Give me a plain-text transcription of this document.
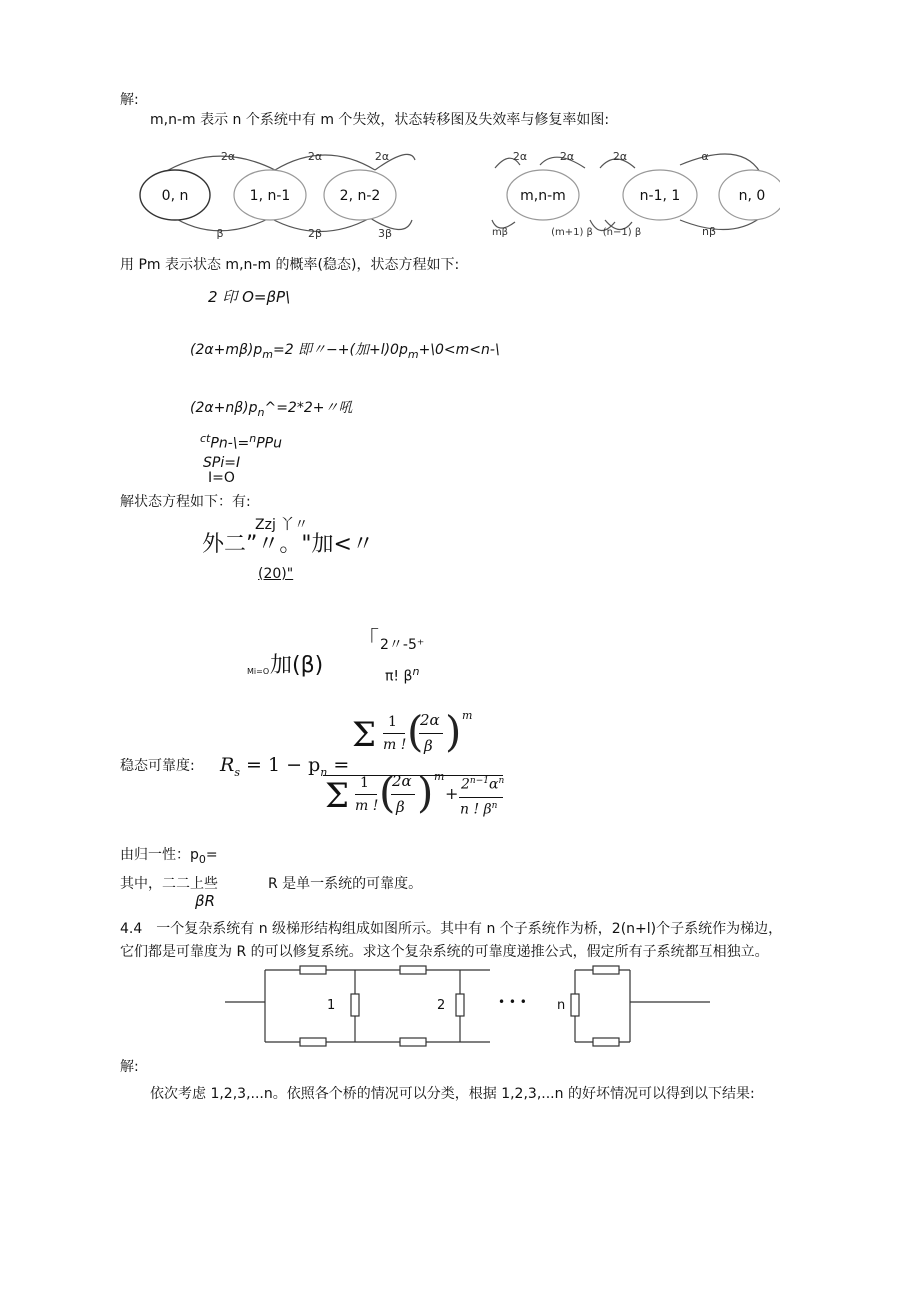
解:
m,n-m 表示 n 个系统中有 m 个失效，状态转移图及失效率与修复率如图:
0, n	1, n-1	2, n-2	m,n-m	n-1, 1	n, 0
2α	2α	2α
β	2β	3β
2α	2α	2α	α
mβ	(m+1) β (n−1) β	nβ
用 Pm 表示状态 m,n-m 的概率(稳态)，状态方程如下:
2 印 O=βP\
$(2\alpha+m\beta)p_m=2$ 即〃−+(加$+l)0p_m+\backslash 0<m<n-\backslash$
$(2\alpha+n\beta)p_n\^{}=2*2+$〃吼
$^{ct}$Pn-\=$^n$PPu
SPi=I
I=O
解状态方程如下：有:
Zzj 丫〃
外二”〃。"加<〃
(20)"
Mi=O 加(β)
「 2〃-5⁺
π! $\beta^n$
稳态可靠度: $R_s = 1 - p_n$ =
Σ 1
m ! (
2α
β ) m
Σ 1
m ! (
2α
β ) m
+ $2^{n-1}\alpha^n$
n ! $\beta^n$
由归一性：$p_0=$
其中，二二上些	R 是单一系统的可靠度。
βR
4.4　一个复杂系统有 n 级梯形结构组成如图所示。其中有 n 个子系统作为桥，2(n+l)个子系统作为梯边，
它们都是可靠度为 R 的可以修复系统。求这个复杂系统的可靠度递推公式，假定所有子系统都互相独立。
1	2	n
• • •
解:
依次考虑 1,2,3,...n。依照各个桥的情况可以分类，根据 1,2,3,...n 的好坏情况可以得到以下结果:
